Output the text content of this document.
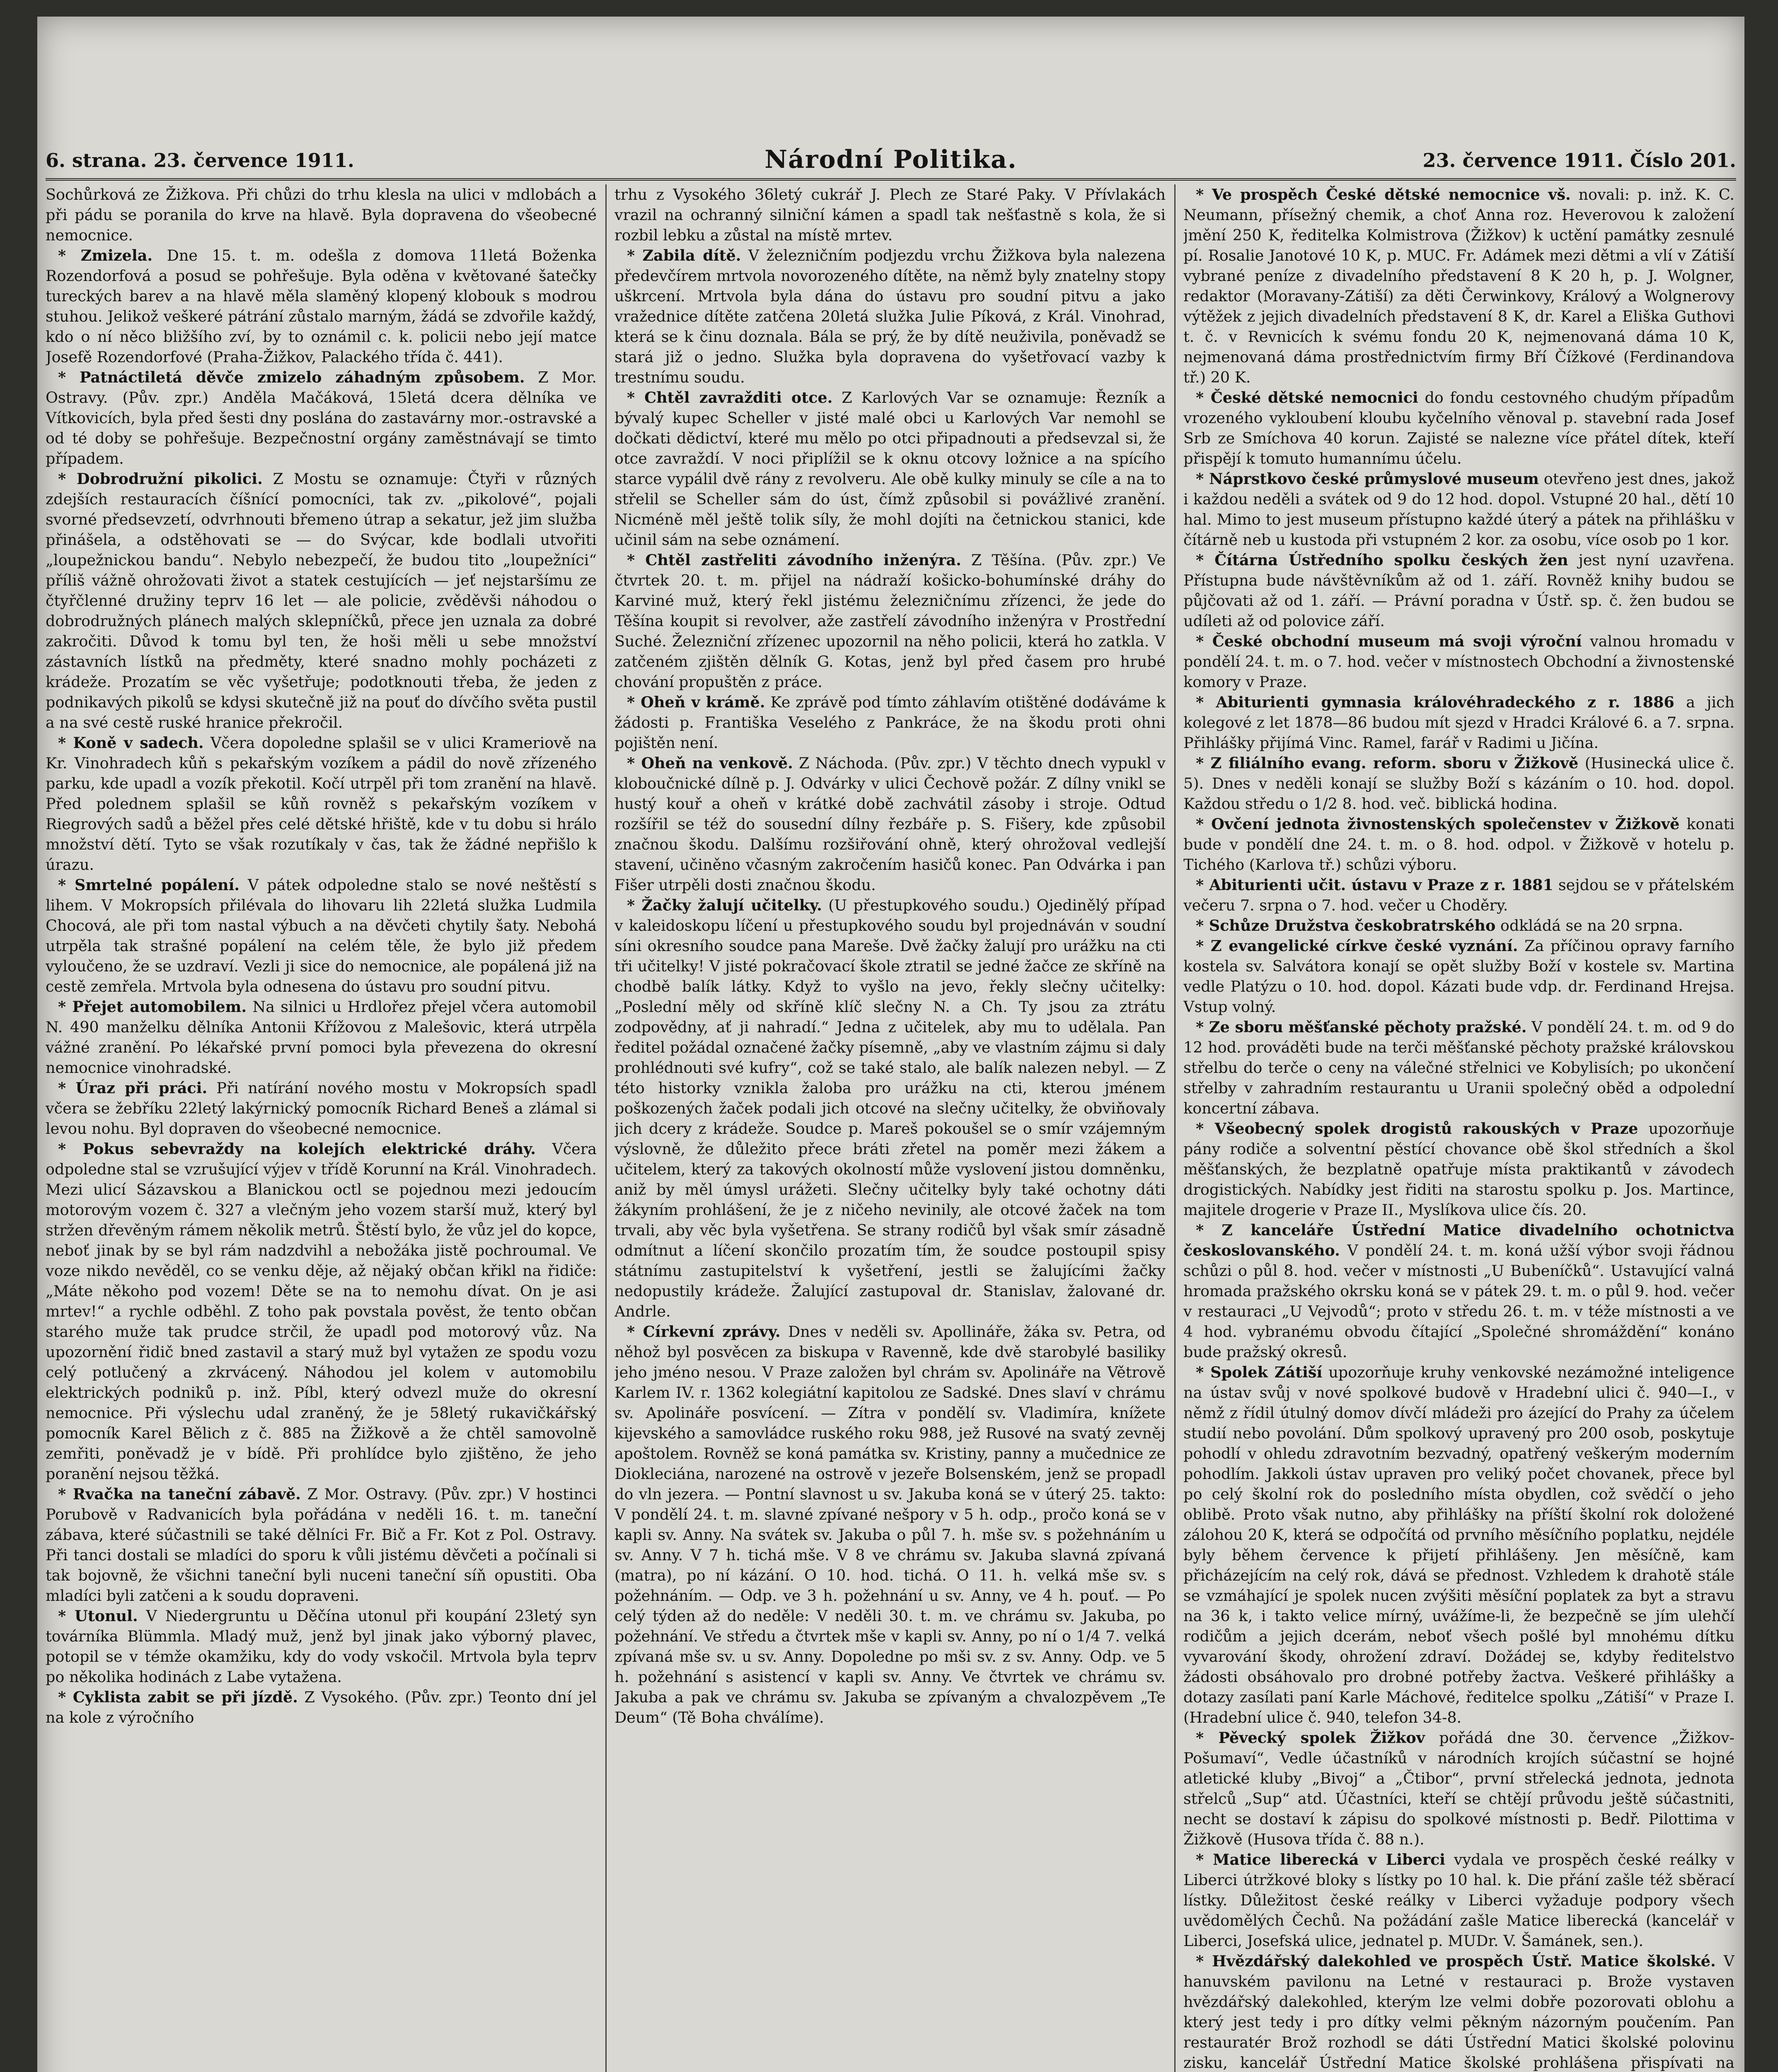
6. strana. 23. července 1911.	Národní Politika.	23. července 1911. Číslo 201.

Sochůrková ze Žižkova. Při chůzi do trhu klesla na ulici v mdlobách a při pádu se poranila do krve na hlavě. Byla dopravena do všeobecné nemocnice.

* Zmizela. Dne 15. t. m. odešla z domova 11letá Boženka Rozendorfová a posud se pohřešuje. Byla oděna v květované šatečky tureckých barev a na hlavě měla slaměný klopený klobouk s modrou stuhou. Jelikož veškeré pátrání zůstalo marným, žádá se zdvořile každý, kdo o ní něco bližšího zví, by to oznámil c. k. policii nebo její matce Josefě Rozendorfové (Praha-Žižkov, Palackého třída č. 441).

* Patnáctiletá děvče zmizelo záhadným způsobem. Z Mor. Ostravy. (Pův. zpr.) Anděla Mačáková, 15letá dcera dělníka ve Vítkovicích, byla před šesti dny poslána do zastavárny mor.-ostravské a od té doby se pohřešuje. Bezpečnostní orgány zaměstnávají se timto případem.

* Dobrodružní pikolici. Z Mostu se oznamuje: Čtyři v různých zdejších restauracích číšnící pomocníci, tak zv. „pikolové“, pojali svorné předsevzetí, odvrhnouti břemeno útrap a sekatur, jež jim služba přinášela, a odstěhovati se — do Svýcar, kde bodlali utvořiti „loupežnickou bandu“. Nebylo nebezpečí, že budou tito „loupežníci“ příliš vážně ohrožovati život a statek cestujících — jeť nejstaršímu ze čtyřčlenné družiny teprv 16 let — ale policie, zvěděvši náhodou o dobrodružných plánech malých sklepníčků, přece jen uznala za dobré zakročiti. Důvod k tomu byl ten, že hoši měli u sebe množství zástavních lístků na předměty, které snadno mohly pocházeti z krádeže. Prozatím se věc vyšetřuje; podotknouti třeba, že jeden z podnikavých pikolů se kdysi skutečně již na pouť do dívčího světa pustil a na své cestě ruské hranice překročil.

* Koně v sadech. Včera dopoledne splašil se v ulici Krameriově na Kr. Vinohradech kůň s pekařským vozíkem a pádil do nově zřízeného parku, kde upadl a vozík překotil. Kočí utrpěl při tom zranění na hlavě. Před polednem splašil se kůň rovněž s pekařským vozíkem v Riegrových sadů a běžel přes celé dětské hřiště, kde v tu dobu si hrálo množství dětí. Tyto se však rozutíkaly v čas, tak že žádné nepřišlo k úrazu.

* Smrtelné popálení. V pátek odpoledne stalo se nové neštěstí s lihem. V Mokropsích přilévala do lihovaru lih 22letá služka Ludmila Chocová, ale při tom nastal výbuch a na děvčeti chytily šaty. Nebohá utrpěla tak strašné popálení na celém těle, že bylo již předem vyloučeno, že se uzdraví. Vezli ji sice do nemocnice, ale popálená již na cestě zemřela. Mrtvola byla odnesena do ústavu pro soudní pitvu.

* Přejet automobilem. Na silnici u Hrdlořez přejel včera automobil N. 490 manželku dělníka Antonii Křížovou z Malešovic, která utrpěla vážné zranění. Po lékařské první pomoci byla převezena do okresní nemocnice vinohradské.

* Úraz při práci. Při natírání nového mostu v Mokropsích spadl včera se žebříku 22letý lakýrnický pomocník Richard Beneš a zlámal si levou nohu. Byl dopraven do všeobecné nemocnice.

* Pokus sebevraždy na kolejích elektrické dráhy. Včera odpoledne stal se vzrušující výjev v třídě Korunní na Král. Vinohradech. Mezi ulicí Sázavskou a Blanickou octl se pojednou mezi jedoucím motorovým vozem č. 327 a vlečným jeho vozem starší muž, který byl stržen dřevěným rámem několik metrů. Štěstí bylo, že vůz jel do kopce, neboť jinak by se byl rám nadzdvihl a nebožáka jistě pochroumal. Ve voze nikdo nevěděl, co se venku děje, až nějaký občan křikl na řidiče: „Máte někoho pod vozem! Děte se na to nemohu dívat. On je asi mrtev!“ a rychle odběhl. Z toho pak povstala pověst, že tento občan starého muže tak prudce strčil, že upadl pod motorový vůz. Na upozornění řidič bned zastavil a starý muž byl vytažen ze spodu vozu celý potlučený a zkrvácený. Náhodou jel kolem v automobilu elektrických podniků p. inž. Píbl, který odvezl muže do okresní nemocnice. Při výslechu udal zraněný, že je 58letý rukavičkářský pomocník Karel Bělich z č. 885 na Žižkově a že chtěl samovolně zemřiti, poněvadž je v bídě. Při prohlídce bylo zjištěno, že jeho poranění nejsou těžká.

* Rvačka na taneční zábavě. Z Mor. Ostravy. (Pův. zpr.) V hostinci Porubově v Radvanicích byla pořádána v neděli 16. t. m. taneční zábava, které súčastnili se také dělníci Fr. Bič a Fr. Kot z Pol. Ostravy. Při tanci dostali se mladíci do sporu k vůli jistému děvčeti a počínali si tak bojovně, že všichni taneční byli nuceni taneční síň opustiti. Oba mladíci byli zatčeni a k soudu dopraveni.

* Utonul. V Niedergruntu u Děčína utonul při koupání 23letý syn továrníka Blümmla. Mladý muž, jenž byl jinak jako výborný plavec, potopil se v témže okamžiku, kdy do vody vskočil. Mrtvola byla teprv po několika hodinách z Labe vytažena.

* Cyklista zabit se při jízdě. Z Vysokého. (Pův. zpr.) Teonto dní jel na kole z výročního

trhu z Vysokého 36letý cukrář J. Plech ze Staré Paky. V Přívlakách vrazil na ochranný silniční kámen a spadl tak nešťastně s kola, že si rozbil lebku a zůstal na místě mrtev.

* Zabila dítě. V železničním podjezdu vrchu Žižkova byla nalezena předevčírem mrtvola novorozeného dítěte, na němž byly znatelny stopy uškrcení. Mrtvola byla dána do ústavu pro soudní pitvu a jako vražednice dítěte zatčena 20letá služka Julie Píková, z Král. Vinohrad, která se k činu doznala. Bála se prý, že by dítě neuživila, poněvadž se stará již o jedno. Služka byla dopravena do vyšetřovací vazby k trestnímu soudu.

* Chtěl zavražditi otce. Z Karlových Var se oznamuje: Řezník a bývalý kupec Scheller v jisté malé obci u Karlových Var nemohl se dočkati dědictví, které mu mělo po otci připadnouti a předsevzal si, že otce zavraždí. V noci připlížil se k oknu otcovy ložnice a na spícího starce vypálil dvě rány z revolveru. Ale obě kulky minuly se cíle a na to střelil se Scheller sám do úst, čímž způsobil si povážlivé zranění. Nicméně měl ještě tolik síly, že mohl dojíti na četnickou stanici, kde učinil sám na sebe oznámení.

* Chtěl zastřeliti závodního inženýra. Z Těšína. (Pův. zpr.) Ve čtvrtek 20. t. m. přijel na nádraží košicko-bohumínské dráhy do Karviné muž, který řekl jistému železničnímu zřízenci, že jede do Těšína koupit si revolver, aže zastřelí závodního inženýra v Prostřední Suché. Železniční zřízenec upozornil na něho policii, která ho zatkla. V zatčeném zjištěn dělník G. Kotas, jenž byl před časem pro hrubé chování propuštěn z práce.

* Oheň v krámě. Ke zprávě pod tímto záhlavím otištěné dodáváme k žádosti p. Františka Veselého z Pankráce, že na škodu proti ohni pojištěn není.

* Oheň na venkově. Z Náchoda. (Pův. zpr.) V těchto dnech vypukl v kloboučnické dílně p. J. Odvárky v ulici Čechově požár. Z dílny vnikl se hustý kouř a oheň v krátké době zachvátil zásoby i stroje. Odtud rozšířil se též do sousední dílny řezbáře p. S. Fišery, kde způsobil značnou škodu. Dalšímu rozšiřování ohně, který ohrožoval vedlejší stavení, učiněno včasným zakročením hasičů konec. Pan Odvárka i pan Fišer utrpěli dosti značnou škodu.

* Žačky žalují učitelky. (U přestupkového soudu.) Ojedinělý případ v kaleidoskopu líčení u přestupkového soudu byl projednáván v soudní síni okresního soudce pana Mareše. Dvě žačky žalují pro urážku na cti tři učitelky! V jisté pokračovací škole ztratil se jedné žačce ze skříně na chodbě balík látky. Když to vyšlo na jevo, řekly slečny učitelky: „Poslední měly od skříně klíč slečny N. a Ch. Ty jsou za ztrátu zodpovědny, ať ji nahradí.“ Jedna z učitelek, aby mu to udělala. Pan ředitel požádal označené žačky písemně, „aby ve vlastním zájmu si daly prohlédnouti své kufry“, což se také stalo, ale balík nalezen nebyl. — Z této historky vznikla žaloba pro urážku na cti, kterou jménem poškozených žaček podali jich otcové na slečny učitelky, že obviňovaly jich dcery z krádeže. Soudce p. Mareš pokoušel se o smír vzájemným výslovně, že důležito přece bráti zřetel na poměr mezi žákem a učitelem, který za takových okolností může vyslovení jistou domněnku, aniž by měl úmysl urážeti. Slečny učitelky byly také ochotny dáti žákyním prohlášení, že je z ničeho nevinily, ale otcové žaček na tom trvali, aby věc byla vyšetřena. Se strany rodičů byl však smír zásadně odmítnut a líčení skončilo prozatím tím, že soudce postoupil spisy státnímu zastupitelství k vyšetření, jestli se žalujícími žačky nedopustily krádeže. Žalující zastupoval dr. Stanislav, žalované dr. Andrle.

* Církevní zprávy. Dnes v neděli sv. Apollináře, žáka sv. Petra, od něhož byl posvěcen za biskupa v Ravenně, kde dvě starobylé basiliky jeho jméno nesou. V Praze založen byl chrám sv. Apolináře na Větrově Karlem IV. r. 1362 kolegiátní kapitolou ze Sadské. Dnes slaví v chrámu sv. Apolináře posvícení. — Zítra v pondělí sv. Vladimíra, knížete kijevského a samovládce ruského roku 988, jež Rusové na svatý zevněj apoštolem. Rovněž se koná památka sv. Kristiny, panny a mučednice ze Diokleciána, narozené na ostrově v jezeře Bolsenském, jenž se propadl do vln jezera. — Pontní slavnost u sv. Jakuba koná se v úterý 25. takto: V pondělí 24. t. m. slavné zpívané nešpory v 5 h. odp., pročo koná se v kapli sv. Anny. Na svátek sv. Jakuba o půl 7. h. mše sv. s požehnáním u sv. Anny. V 7 h. tichá mše. V 8 ve chrámu sv. Jakuba slavná zpívaná (matra), po ní kázání. O 10. hod. tichá. O 11. h. velká mše sv. s požehnáním. — Odp. ve 3 h. požehnání u sv. Anny, ve 4 h. pouť. — Po celý týden až do neděle: V neděli 30. t. m. ve chrámu sv. Jakuba, po požehnání. Ve středu a čtvrtek mše v kapli sv. Anny, po ní o 1/4 7. velká zpívaná mše sv. u sv. Anny. Dopoledne po mši sv. z sv. Anny. Odp. ve 5 h. požehnání s asistencí v kapli sv. Anny. Ve čtvrtek ve chrámu sv. Jakuba a pak ve chrámu sv. Jakuba se zpívaným a chvalozpěvem „Te Deum“ (Tě Boha chválíme).

* Ve prospěch České dětské nemocnice vš. novali: p. inž. K. C. Neumann, přísežný chemik, a choť Anna roz. Heverovou k založení jmění 250 K, ředitelka Kolmistrova (Žižkov) k uctění památky zesnulé pí. Rosalie Janotové 10 K, p. MUC. Fr. Adámek mezi dětmi a vlí v Zátiší vybrané peníze z divadelního představení 8 K 20 h, p. J. Wolgner, redaktor (Moravany-Zátiší) za děti Čerwinkovy, Králový a Wolgnerovy výtěžek z jejich divadelních představení 8 K, dr. Karel a Eliška Guthovi t. č. v Revnicích k svému fondu 20 K, nejmenovaná dáma 10 K, nejmenovaná dáma prostřednictvím firmy Bří Čížkové (Ferdinandova tř.) 20 K.

* České dětské nemocnici do fondu cestovného chudým případům vrozeného vykloubení kloubu kyčelního věnoval p. stavební rada Josef Srb ze Smíchova 40 korun. Zajisté se nalezne více přátel dítek, kteří přispějí k tomuto humannímu účelu.

* Náprstkovo české průmyslové museum otevřeno jest dnes, jakož i každou neděli a svátek od 9 do 12 hod. dopol. Vstupné 20 hal., dětí 10 hal. Mimo to jest museum přístupno každé úterý a pátek na přihlášku v čítárně neb u kustoda při vstupném 2 kor. za osobu, více osob po 1 kor.

* Čítárna Ústředního spolku českých žen jest nyní uzavřena. Přístupna bude návštěvníkům až od 1. září. Rovněž knihy budou se půjčovati až od 1. září. — Právní poradna v Ústř. sp. č. žen budou se udíleti až od polovice září.

* České obchodní museum má svoji výroční valnou hromadu v pondělí 24. t. m. o 7. hod. večer v místnostech Obchodní a živnostenské komory v Praze.

* Abiturienti gymnasia královéhradeckého z r. 1886 a jich kolegové z let 1878—86 budou mít sjezd v Hradci Králové 6. a 7. srpna. Přihlášky přijímá Vinc. Ramel, farář v Radimi u Jičína.

* Z filiálního evang. reform. sboru v Žižkově (Husinecká ulice č. 5). Dnes v neděli konají se služby Boží s kázáním o 10. hod. dopol. Každou středu o 1/2 8. hod. več. biblická hodina.

* Ovčení jednota živnostenských společenstev v Žižkově konati bude v pondělí dne 24. t. m. o 8. hod. odpol. v Žižkově v hotelu p. Tichého (Karlova tř.) schůzi výboru.

* Abiturienti učit. ústavu v Praze z r. 1881 sejdou se v přátelském večeru 7. srpna o 7. hod. večer u Choděry.

* Schůze Družstva českobratrského odkládá se na 20 srpna.

* Z evangelické církve české vyznání. Za příčinou opravy farního kostela sv. Salvátora konají se opět služby Boží v kostele sv. Martina vedle Platýzu o 10. hod. dopol. Kázati bude vdp. dr. Ferdinand Hrejsa. Vstup volný.

* Ze sboru měšťanské pěchoty pražské. V pondělí 24. t. m. od 9 do 12 hod. prováděti bude na terči měšťanské pěchoty pražské královskou střelbu do terče o ceny na válečné střelnici ve Kobylisích; po ukončení střelby v zahradním restaurantu u Uranii společný oběd a odpolední koncertní zábava.

* Všeobecný spolek drogistů rakouských v Praze upozorňuje pány rodiče a solventní pěstící chovance obě škol středních a škol měšťanských, že bezplatně opatřuje místa praktikantů v závodech drogistických. Nabídky jest řiditi na starostu spolku p. Jos. Martince, majitele drogerie v Praze II., Myslíkova ulice čís. 20.

* Z kanceláře Ústřední Matice divadelního ochotnictva českoslovanského. V pondělí 24. t. m. koná užší výbor svoji řádnou schůzi o půl 8. hod. večer v místnosti „U Bubeníčků“. Ustavující valná hromada pražského okrsku koná se v pátek 29. t. m. o půl 9. hod. večer v restauraci „U Vejvodů“; proto v středu 26. t. m. v téže místnosti a ve 4 hod. vybranému obvodu čítající „Společné shromáždění“ konáno bude pražský okresů.

* Spolek Zátiší upozorňuje kruhy venkovské nezámožné inteligence na ústav svůj v nové spolkové budově v Hradební ulici č. 940—I., v němž z řídil útulný domov dívčí mládeži pro ázející do Prahy za účelem studií nebo povolání. Dům spolkový upravený pro 200 osob, poskytuje pohodlí v ohledu zdravotním bezvadný, opatřený veškerým moderním pohodlím. Jakkoli ústav upraven pro veliký počet chovanek, přece byl po celý školní rok do posledního místa obydlen, což svědčí o jeho oblibě. Proto však nutno, aby přihlášky na příští školní rok doložené zálohou 20 K, která se odpočítá od prvního měsíčního poplatku, nejdéle byly během července k přijetí přihlášeny. Jen měsíčně, kam přicházejícím na celý rok, dává se přednost. Vzhledem k drahotě stále se vzmáhající je spolek nucen zvýšiti měsíční poplatek za byt a stravu na 36 k, i takto velice mírný, uvážíme-li, že bezpečně se jím ulehčí rodičům a jejich dcerám, neboť všech pošlé byl mnohému dítku vyvarování škody, ohrožení zdraví. Dožádej se, kdyby ředitelstvo žádosti obsáhovalo pro drobné potřeby žactva. Veškeré přihlášky a dotazy zasílati paní Karle Máchové, ředitelce spolku „Zátiší“ v Praze I. (Hradební ulice č. 940, telefon 34-8.

* Pěvecký spolek Žižkov pořádá dne 30. července „Žižkov-Pošumaví“, Vedle účastníků v národních krojích súčastní se hojné atletické kluby „Bivoj“ a „Čtibor“, první střelecká jednota, jednota střelců „Sup“ atd. Účastníci, kteří se chtějí průvodu ještě súčastniti, necht se dostaví k zápisu do spolkové místnosti p. Bedř. Pilottima v Žižkově (Husova třída č. 88 n.).

* Matice liberecká v Liberci vydala ve prospěch české reálky v Liberci útržkové bloky s lístky po 10 hal. k. Die přání zašle též sběrací lístky. Důležitost české reálky v Liberci vyžaduje podpory všech uvědomělých Čechů. Na požádání zašle Matice liberecká (kancelář v Liberci, Josefská ulice, jednatel p. MUDr. V. Šamánek, sen.).

* Hvězdářský dalekohled ve prospěch Ústř. Matice školské. V hanuvském pavilonu na Letné v restauraci p. Brože vystaven hvězdářský dalekohled, kterým lze velmi dobře pozorovati oblohu a který jest tedy i pro dítky velmi pěkným názorným poučením. Pan restauratér Brož rozhodl se dáti Ústřední Matici školské polovinu zisku, kancelář Ústřední Matice školské prohlášena přispívati na
